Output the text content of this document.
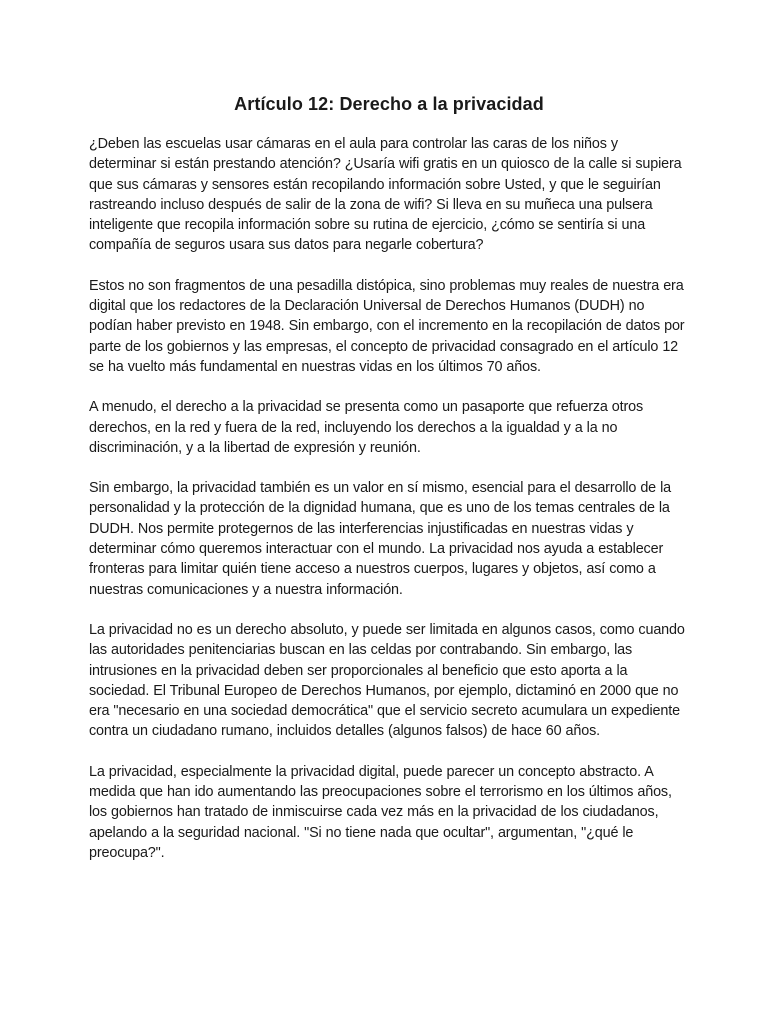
Artículo 12: Derecho a la privacidad

¿Deben las escuelas usar cámaras en el aula para controlar las caras de los niños y determinar si están prestando atención? ¿Usaría wifi gratis en un quiosco de la calle si supiera que sus cámaras y sensores están recopilando información sobre Usted, y que le seguirían rastreando incluso después de salir de la zona de wifi? Si lleva en su muñeca una pulsera inteligente que recopila información sobre su rutina de ejercicio, ¿cómo se sentiría si una compañía de seguros usara sus datos para negarle cobertura?

Estos no son fragmentos de una pesadilla distópica, sino problemas muy reales de nuestra era digital que los redactores de la Declaración Universal de Derechos Humanos (DUDH) no podían haber previsto en 1948. Sin embargo, con el incremento en la recopilación de datos por parte de los gobiernos y las empresas, el concepto de privacidad consagrado en el artículo 12 se ha vuelto más fundamental en nuestras vidas en los últimos 70 años.

A menudo, el derecho a la privacidad se presenta como un pasaporte que refuerza otros derechos, en la red y fuera de la red, incluyendo los derechos a la igualdad y a la no discriminación, y a la libertad de expresión y reunión.

Sin embargo, la privacidad también es un valor en sí mismo, esencial para el desarrollo de la personalidad y la protección de la dignidad humana, que es uno de los temas centrales de la DUDH. Nos permite protegernos de las interferencias injustificadas en nuestras vidas y determinar cómo queremos interactuar con el mundo. La privacidad nos ayuda a establecer fronteras para limitar quién tiene acceso a nuestros cuerpos, lugares y objetos, así como a nuestras comunicaciones y a nuestra información.

La privacidad no es un derecho absoluto, y puede ser limitada en algunos casos, como cuando las autoridades penitenciarias buscan en las celdas por contrabando. Sin embargo, las intrusiones en la privacidad deben ser proporcionales al beneficio que esto aporta a la sociedad. El Tribunal Europeo de Derechos Humanos, por ejemplo, dictaminó en 2000 que no era "necesario en una sociedad democrática" que el servicio secreto acumulara un expediente contra un ciudadano rumano, incluidos detalles (algunos falsos) de hace 60 años.

La privacidad, especialmente la privacidad digital, puede parecer un concepto abstracto. A medida que han ido aumentando las preocupaciones sobre el terrorismo en los últimos años, los gobiernos han tratado de inmiscuirse cada vez más en la privacidad de los ciudadanos, apelando a la seguridad nacional. "Si no tiene nada que ocultar", argumentan, "¿qué le preocupa?".
